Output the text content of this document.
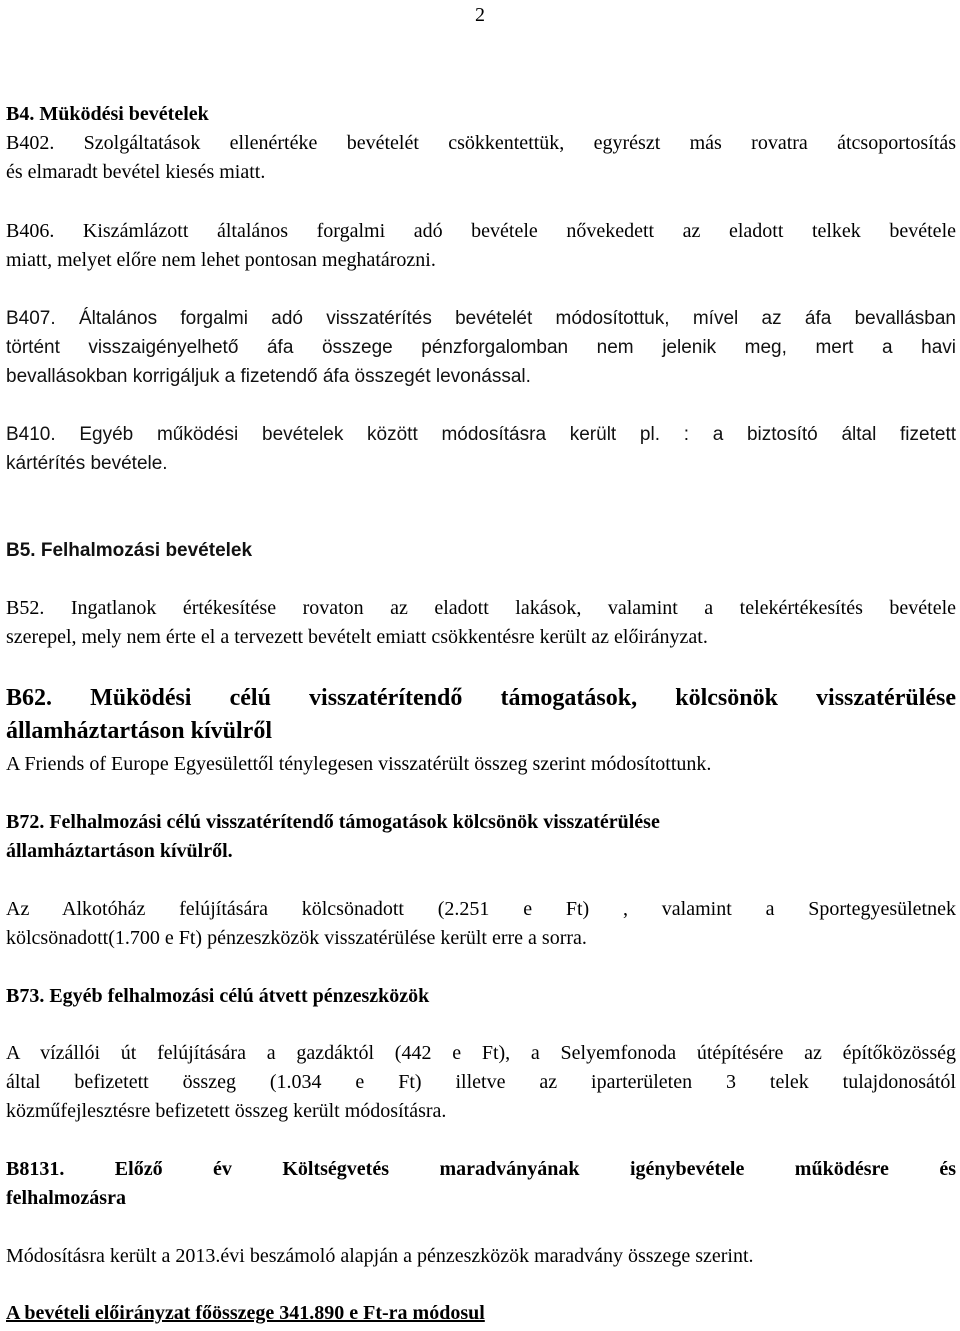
2
B4. Müködési bevételek
B402. Szolgáltatások ellenértéke bevételét csökkentettük, egyrészt más rovatra átcsoportosítás
és elmaradt bevétel kiesés miatt.
B406. Kiszámlázott általános forgalmi adó bevétele nővekedett az eladott telkek bevétele
miatt, melyet előre nem lehet pontosan meghatározni.
B407. Általános forgalmi adó visszatérítés bevételét módosítottuk, mível az áfa bevallásban
történt visszaigényelhető áfa összege pénzforgalomban nem jelenik meg, mert a havi
bevallásokban korrigáljuk a fizetendő áfa összegét levonással.
B410. Egyéb működési bevételek között módosításra került pl. : a biztosító által fizetett
kártérítés bevétele.
B5. Felhalmozási bevételek
B52. Ingatlanok értékesítése rovaton az eladott lakások, valamint a telekértékesítés bevétele
szerepel, mely nem érte el a tervezett bevételt emiatt csökkentésre került az előirányzat.
B62. Müködési célú visszatérítendő támogatások, kölcsönök visszatérülése
államháztartáson kívülről
A Friends of Europe Egyesülettől ténylegesen visszatérült összeg szerint módosítottunk.
B72. Felhalmozási célú visszatérítendő támogatások kölcsönök visszatérülése
államháztartáson kívülről.
Az Alkotóház felújítására kölcsönadott (2.251 e Ft) , valamint a Sportegyesületnek
kölcsönadott(1.700 e Ft) pénzeszközök visszatérülése került erre a sorra.
B73. Egyéb felhalmozási célú átvett pénzeszközök
A vízállói út felújítására a gazdáktól (442 e Ft), a Selyemfonoda útépítésére az építőközösség
által befizetett összeg (1.034 e Ft) illetve az iparterületen 3 telek tulajdonosától
közműfejlesztésre befizetett összeg került módosításra.
B8131. Előző év Költségvetés maradványának igénybevétele működésre és
felhalmozásra
Módosításra került a 2013.évi beszámoló alapján a pénzeszközök maradvány összege szerint.
A bevételi előirányzat főösszege 341.890 e Ft-ra módosul
